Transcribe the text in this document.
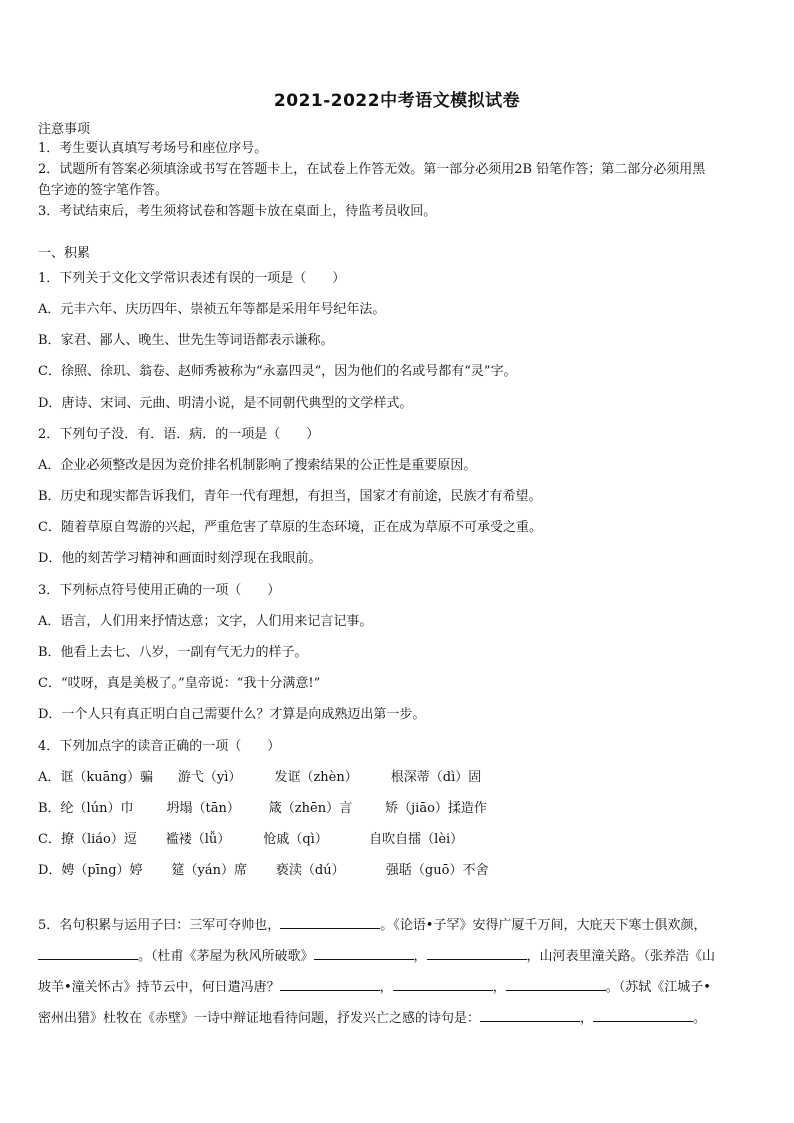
2021-2022中考语文模拟试卷
注意事项
1．考生要认真填写考场号和座位序号。
2．试题所有答案必须填涂或书写在答题卡上，在试卷上作答无效。第一部分必须用2B 铅笔作答；第二部分必须用黑
色字迹的签字笔作答。
3．考试结束后，考生须将试卷和答题卡放在桌面上，待监考员收回。
一、积累
1．下列关于文化文学常识表述有误的一项是（　　）
A．元丰六年、庆历四年、崇祯五年等都是采用年号纪年法。
B．家君、鄙人、晚生、世先生等词语都表示谦称。
C．徐照、徐玑、翁卷、赵师秀被称为“永嘉四灵”，因为他们的名或号都有“灵”字。
D．唐诗、宋词、元曲、明清小说，是不同朝代典型的文学样式。
2．下列句子没．有．语．病．的一项是（　　）
A．企业必须整改是因为竞价排名机制影响了搜索结果的公正性是重要原因。
B．历史和现实都告诉我们，青年一代有理想，有担当，国家才有前途，民族才有希望。
C．随着草原自驾游的兴起，严重危害了草原的生态环境，正在成为草原不可承受之重。
D．他的刻苦学习精神和画面时刻浮现在我眼前。
3．下列标点符号使用正确的一项（　　）
A．语言，人们用来抒情达意；文字，人们用来记言记事。
B．他看上去七、八岁，一副有气无力的样子。
C．“哎呀，真是美极了。”皇帝说：“我十分满意!”
D．一个人只有真正明白自己需要什么？才算是向成熟迈出第一步。
4．下列加点字的读音正确的一项（　　）
A．诓（kuāng）骗      游弋（yì）        发诓（zhèn）        根深蒂（dì）固
B．纶（lún）巾        坍塌（tān）       箴（zhēn）言        矫（jiāo）揉造作
C．撩（liáo）逗       褴褛（lǚ）        怆戚（qì）          自吹自擂（lèi）
D．娉（pīng）婷       筵（yán）席       亵渎（dú）          强聒（guō）不舍
5．名句积累与运用子曰：三军可夺帅也，	。《论语•子罕》安得广厦千万间，大庇天下寒士俱欢颜，
。（杜甫《茅屋为秋风所破歌》	，	，山河表里潼关路。（张养浩《山
坡羊•潼关怀古》持节云中，何日遣冯唐？	，	，	。（苏轼《江城子•
密州出猎》杜牧在《赤壁》一诗中辩证地看待问题，抒发兴亡之感的诗句是：	，	。
